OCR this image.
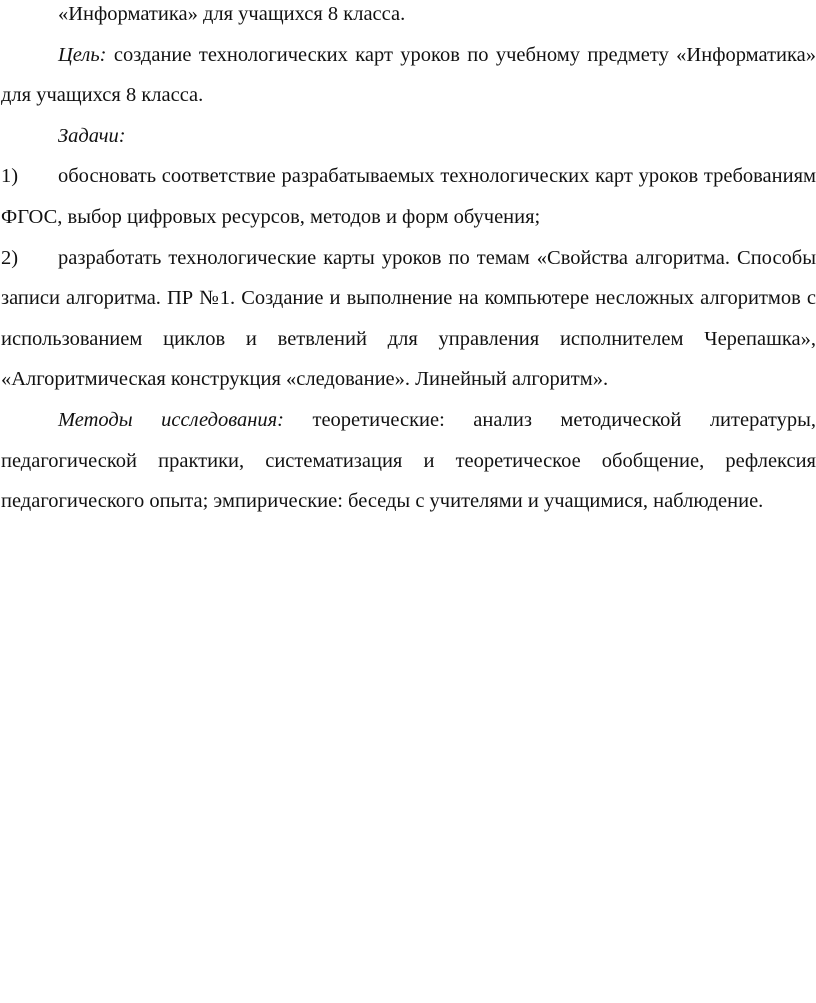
«Информатика» для учащихся 8 класса.

Цель: создание технологических карт уроков по учебному предмету «Информатика» для учащихся 8 класса.

Задачи:

1) обосновать соответствие разрабатываемых технологических карт уроков требованиям ФГОС, выбор цифровых ресурсов, методов и форм обучения;

2) разработать технологические карты уроков по темам «Свойства алгоритма. Способы записи алгоритма. ПР №1. Создание и выполнение на компьютере несложных алгоритмов с использованием циклов и ветвлений для управления исполнителем Черепашка», «Алгоритмическая конструкция «следование». Линейный алгоритм».

Методы исследования: теоретические: анализ методической литературы, педагогической практики, систематизация и теоретическое обобщение, рефлексия педагогического опыта; эмпирические: беседы с учителями и учащимися, наблюдение.
